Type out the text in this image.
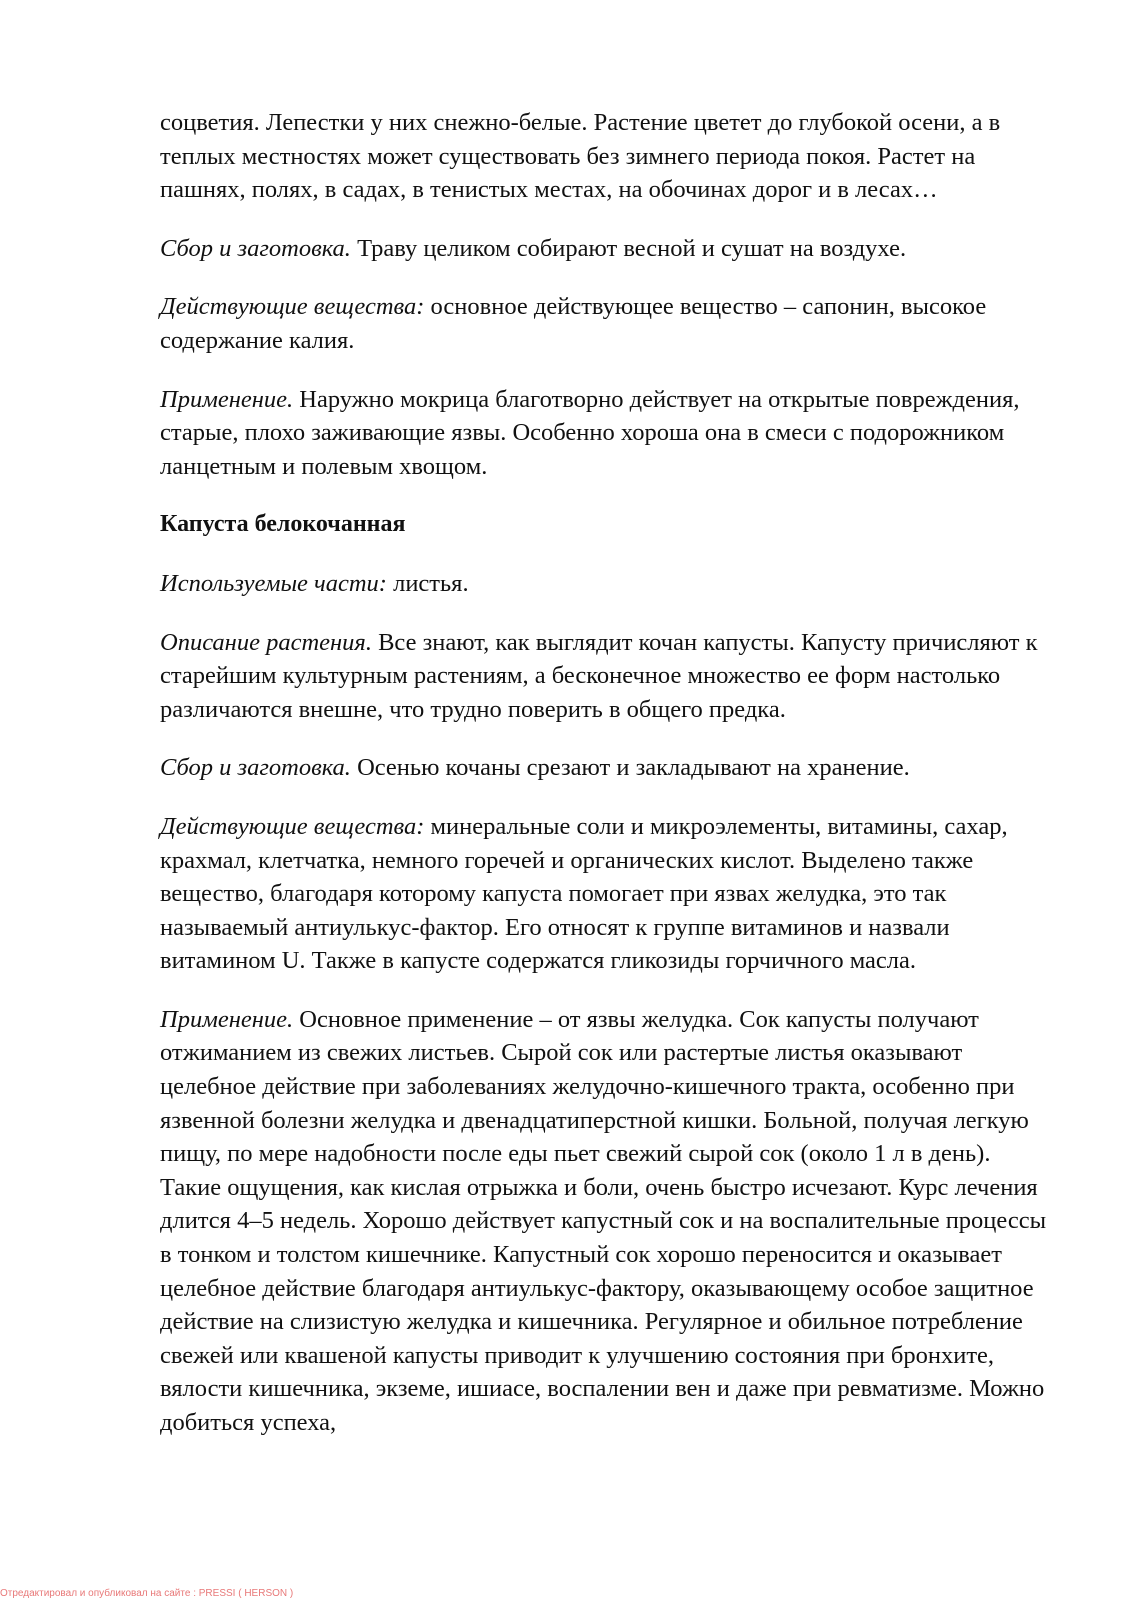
соцветия. Лепестки у них снежно-белые. Растение цветет до глубокой осени, а в теплых местностях может существовать без зимнего периода покоя. Растет на пашнях, полях, в садах, в тенистых местах, на обочинах дорог и в лесах…

Сбор и заготовка. Траву целиком собирают весной и сушат на воздухе.

Действующие вещества: основное действующее вещество – сапонин, высокое содержание калия.

Применение. Наружно мокрица благотворно действует на открытые повреждения, старые, плохо заживающие язвы. Особенно хороша она в смеси с подорожником ланцетным и полевым хвощом.

Капуста белокочанная

Используемые части: листья.

Описание растения. Все знают, как выглядит кочан капусты. Капусту причисляют к старейшим культурным растениям, а бесконечное множество ее форм настолько различаются внешне, что трудно поверить в общего предка.

Сбор и заготовка. Осенью кочаны срезают и закладывают на хранение.

Действующие вещества: минеральные соли и микроэлементы, витамины, сахар, крахмал, клетчатка, немного горечей и органических кислот. Выделено также вещество, благодаря которому капуста помогает при язвах желудка, это так называемый антиулькус-фактор. Его относят к группе витаминов и назвали витамином U. Также в капусте содержатся гликозиды горчичного масла.

Применение. Основное применение – от язвы желудка. Сок капусты получают отжиманием из свежих листьев. Сырой сок или растертые листья оказывают целебное действие при заболеваниях желудочно-кишечного тракта, особенно при язвенной болезни желудка и двенадцатиперстной кишки. Больной, получая легкую пищу, по мере надобности после еды пьет свежий сырой сок (около 1 л в день). Такие ощущения, как кислая отрыжка и боли, очень быстро исчезают. Курс лечения длится 4–5 недель. Хорошо действует капустный сок и на воспалительные процессы в тонком и толстом кишечнике. Капустный сок хорошо переносится и оказывает целебное действие благодаря антиулькус-фактору, оказывающему особое защитное действие на слизистую желудка и кишечника. Регулярное и обильное потребление свежей или квашеной капусты приводит к улучшению состояния при бронхите, вялости кишечника, экземе, ишиасе, воспалении вен и даже при ревматизме. Можно добиться успеха,

Отредактировал и опубликовал на сайте : PRESSI ( HERSON )
